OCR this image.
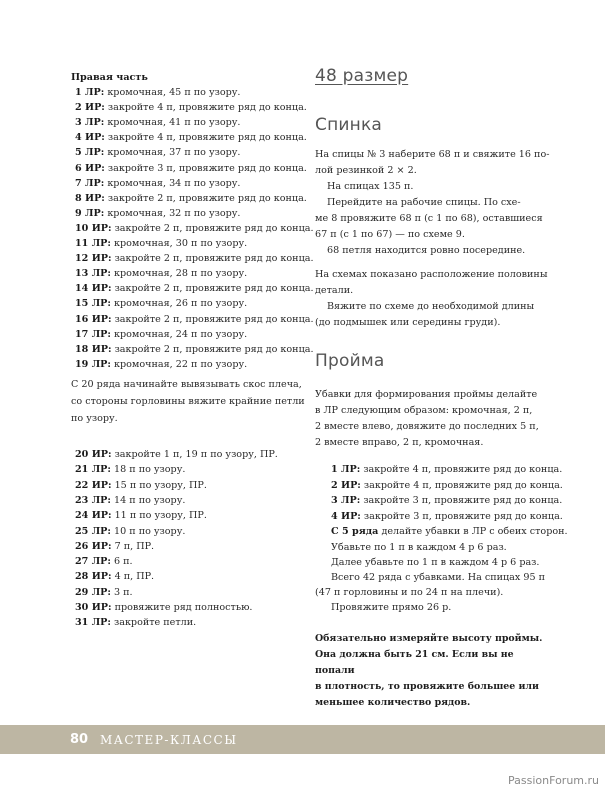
Правая часть
1 ЛР: кромочная, 45 п по узору.
2 ИР: закройте 4 п, провяжите ряд до конца.
3 ЛР: кромочная, 41 п по узору.
4 ИР: закройте 4 п, провяжите ряд до конца.
5 ЛР: кромочная, 37 п по узору.
6 ИР: закройте 3 п, провяжите ряд до конца.
7 ЛР: кромочная, 34 п по узору.
8 ИР: закройте 2 п, провяжите ряд до конца.
9 ЛР: кромочная, 32 п по узору.
10 ИР: закройте 2 п, провяжите ряд до конца.
11 ЛР: кромочная, 30 п по узору.
12 ИР: закройте 2 п, провяжите ряд до конца.
13 ЛР: кромочная, 28 п по узору.
14 ИР: закройте 2 п, провяжите ряд до конца.
15 ЛР: кромочная, 26 п по узору.
16 ИР: закройте 2 п, провяжите ряд до конца.
17 ЛР: кромочная, 24 п по узору.
18 ИР: закройте 2 п, провяжите ряд до конца.
19 ЛР: кромочная, 22 п по узору.
С 20 ряда начинайте вывязывать скос плеча,
со стороны горловины вяжите крайние петли
по узору.
20 ИР: закройте 1 п, 19 п по узору, ПР.
21 ЛР: 18 п по узору.
22 ИР: 15 п по узору, ПР.
23 ЛР: 14 п по узору.
24 ИР: 11 п по узору, ПР.
25 ЛР: 10 п по узору.
26 ИР: 7 п, ПР.
27 ЛР: 6 п.
28 ИР: 4 п, ПР.
29 ЛР: 3 п.
30 ИР: провяжите ряд полностью.
31 ЛР: закройте петли.
48 размер
Спинка
На спицы № 3 наберите 68 п и свяжите 16 по-
лой резинкой 2 × 2.
На спицах 135 п.
Перейдите на рабочие спицы. По схе-
ме 8 провяжите 68 п (с 1 по 68), оставшиеся
67 п (с 1 по 67) — по схеме 9.
68 петля находится ровно посередине.
На схемах показано расположение половины
детали.
Вяжите по схеме до необходимой длины
(до подмышек или середины груди).
Пройма
Убавки для формирования проймы делайте
в ЛР следующим образом: кромочная, 2 п,
2 вместе влево, довяжите до последних 5 п,
2 вместе вправо, 2 п, кромочная.
1 ЛР: закройте 4 п, провяжите ряд до конца.
2 ИР: закройте 4 п, провяжите ряд до конца.
3 ЛР: закройте 3 п, провяжите ряд до конца.
4 ИР: закройте 3 п, провяжите ряд до конца.
С 5 ряда делайте убавки в ЛР с обеих сторон.
Убавьте по 1 п в каждом 4 р 6 раз.
Далее убавьте по 1 п в каждом 4 р 6 раз.
Всего 42 ряда с убавками. На спицах 95 п
(47 п горловины и по 24 п на плечи).
Провяжите прямо 26 р.
Обязательно измеряйте высоту проймы.
Она должна быть 21 см. Если вы не попали
в плотность, то провяжите большее или
меньшее количество рядов.
80 МАСТЕР-КЛАССЫ
PassionForum.ru
